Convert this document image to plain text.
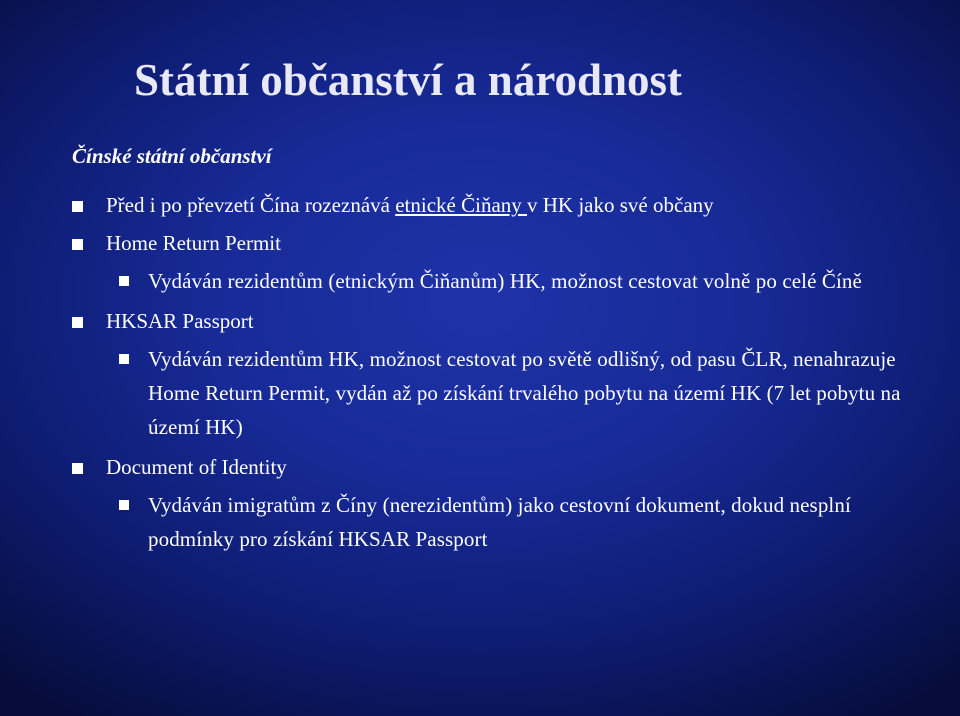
Státní občanství a národnost
Čínské státní občanství
Před i po převzetí Čína rozeznává etnické Čiňany v HK jako své občany
Home Return Permit
Vydáván rezidentům (etnickým Čiňanům) HK, možnost cestovat volně po celé Číně
HKSAR Passport
Vydáván rezidentům HK, možnost cestovat po světě odlišný, od pasu ČLR, nenahrazuje Home Return Permit, vydán až po získání trvalého pobytu na území HK (7 let pobytu na území HK)
Document of Identity
Vydáván imigratům z Číny (nerezidentům) jako cestovní dokument, dokud nesplní podmínky pro získání HKSAR Passport
